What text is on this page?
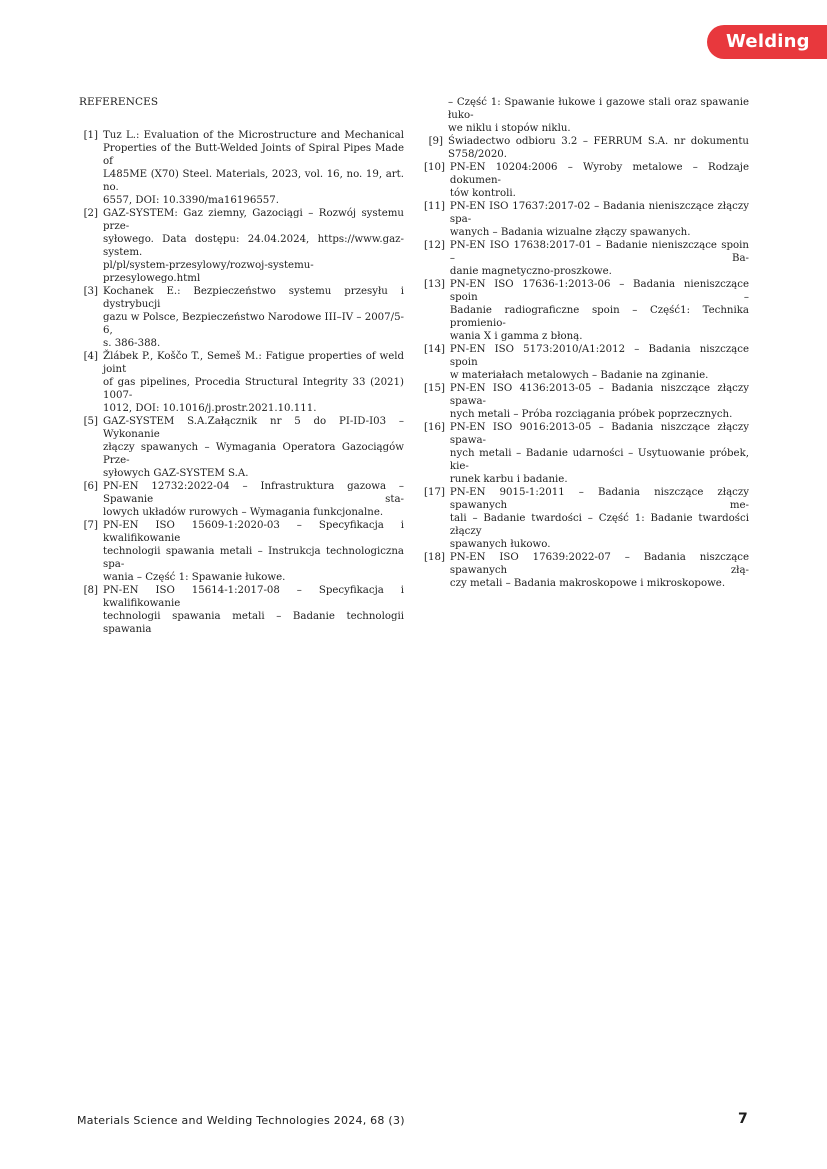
Welding
REFERENCES
[1] Tuz L.: Evaluation of the Microstructure and Mechanical
Properties of the Butt-Welded Joints of Spiral Pipes Made of
L485ME (X70) Steel. Materials, 2023, vol. 16, no. 19, art. no.
6557, DOI: 10.3390/ma16196557.
[2] GAZ-SYSTEM: Gaz ziemny, Gazociągi – Rozwój systemu prze-
syłowego. Data dostępu: 24.04.2024, https://www.gaz-system.
pl/pl/system-przesylowy/rozwoj-systemu-przesylowego.html
[3] Kochanek E.: Bezpieczeństwo systemu przesyłu i dystrybucji
gazu w Polsce, Bezpieczeństwo Narodowe III–IV – 2007/5-6,
s. 386-388.
[4] Žlábek P., Koščo T., Semeš M.: Fatigue properties of weld joint
of gas pipelines, Procedia Structural Integrity 33 (2021) 1007-
1012, DOI: 10.1016/j.prostr.2021.10.111.
[5] GAZ-SYSTEM S.A.Załącznik nr 5 do PI-ID-I03 – Wykonanie
złączy spawanych – Wymagania Operatora Gazociągów Prze-
syłowych GAZ-SYSTEM S.A.
[6] PN-EN 12732:2022-04 – Infrastruktura gazowa – Spawanie sta-
lowych układów rurowych – Wymagania funkcjonalne.
[7] PN-EN ISO 15609-1:2020-03 – Specyfikacja i kwalifikowanie
technologii spawania metali – Instrukcja technologiczna spa-
wania – Część 1: Spawanie łukowe.
[8] PN-EN ISO 15614-1:2017-08 – Specyfikacja i kwalifikowanie
technologii spawania metali – Badanie technologii spawania
– Część 1: Spawanie łukowe i gazowe stali oraz spawanie łuko-
we niklu i stopów niklu.
[9] Świadectwo odbioru 3.2 – FERRUM S.A. nr dokumentu
S758/2020.
[10] PN-EN 10204:2006 – Wyroby metalowe – Rodzaje dokumen-
tów kontroli.
[11] PN-EN ISO 17637:2017-02 – Badania nieniszczące złączy spa-
wanych – Badania wizualne złączy spawanych.
[12] PN-EN ISO 17638:2017-01 – Badanie nieniszczące spoin – Ba-
danie magnetyczno-proszkowe.
[13] PN-EN ISO 17636-1:2013-06 – Badania nieniszczące spoin –
Badanie radiograficzne spoin – Część1: Technika promienio-
wania X i gamma z błoną.
[14] PN-EN ISO 5173:2010/A1:2012 – Badania niszczące spoin
w materiałach metalowych – Badanie na zginanie.
[15] PN-EN ISO 4136:2013-05 – Badania niszczące złączy spawa-
nych metali – Próba rozciągania próbek poprzecznych.
[16] PN-EN ISO 9016:2013-05 – Badania niszczące złączy spawa-
nych metali – Badanie udarności – Usytuowanie próbek, kie-
runek karbu i badanie.
[17] PN-EN 9015-1:2011 – Badania niszczące złączy spawanych me-
tali – Badanie twardości – Część 1: Badanie twardości złączy
spawanych łukowo.
[18] PN-EN ISO 17639:2022-07 – Badania niszczące spawanych złą-
czy metali – Badania makroskopowe i mikroskopowe.
Materials Science and Welding Technologies 2024, 68 (3)	7
